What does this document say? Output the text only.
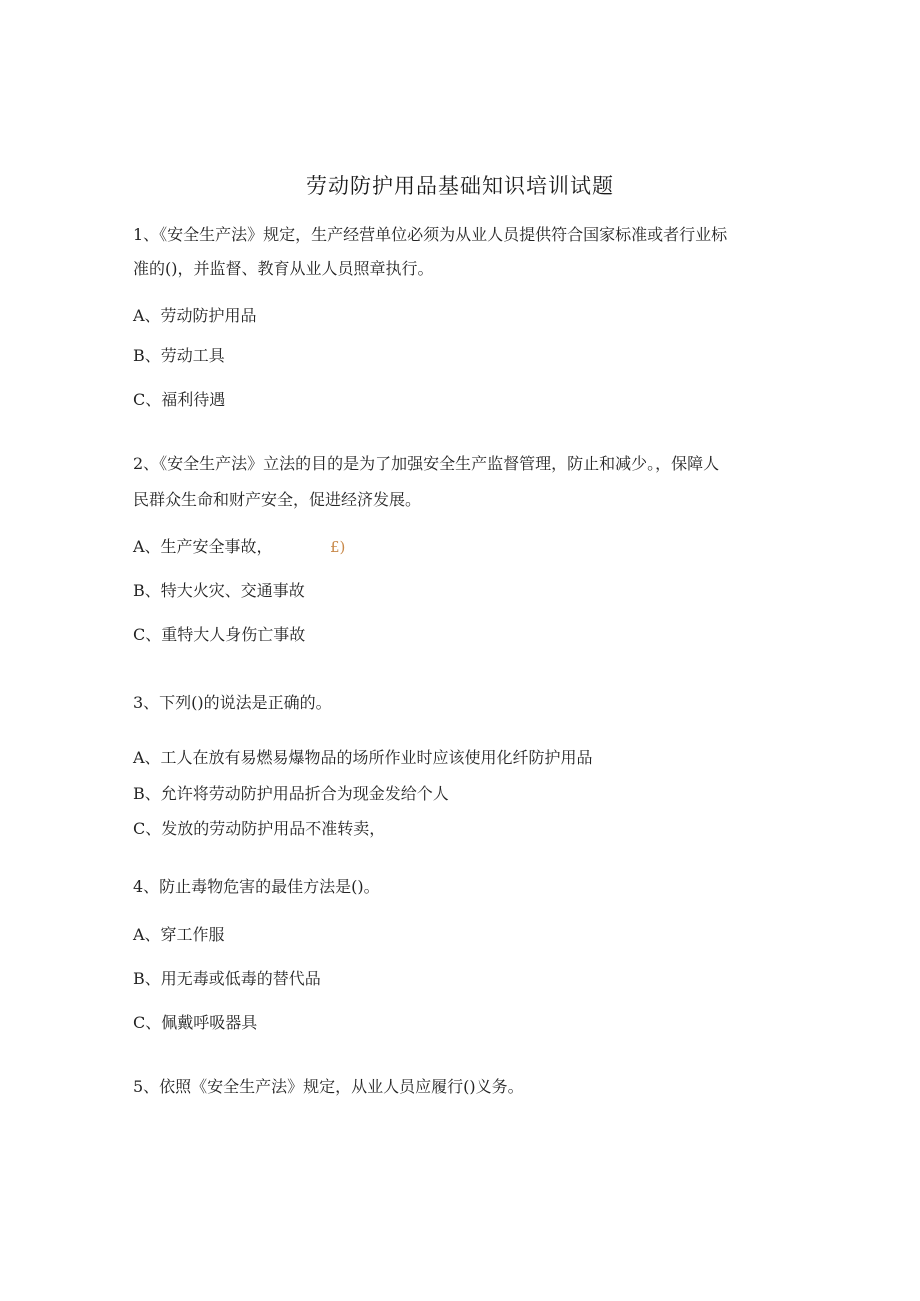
劳动防护用品基础知识培训试题
1、《安全生产法》规定，生产经营单位必须为从业人员提供符合国家标准或者行业标
准的()，并监督、教育从业人员照章执行。
A、劳动防护用品
B、劳动工具
C、福利待遇
2、《安全生产法》立法的目的是为了加强安全生产监督管理，防止和减少。，保障人
民群众生命和财产安全，促进经济发展。
A、生产安全事故，	£)
B、特大火灾、交通事故
C、重特大人身伤亡事故
3、下列()的说法是正确的。
A、工人在放有易燃易爆物品的场所作业时应该使用化纤防护用品
B、允许将劳动防护用品折合为现金发给个人
C、发放的劳动防护用品不准转卖，
4、防止毒物危害的最佳方法是()。
A、穿工作服
B、用无毒或低毒的替代品
C、佩戴呼吸器具
5、依照《安全生产法》规定，从业人员应履行()义务。
